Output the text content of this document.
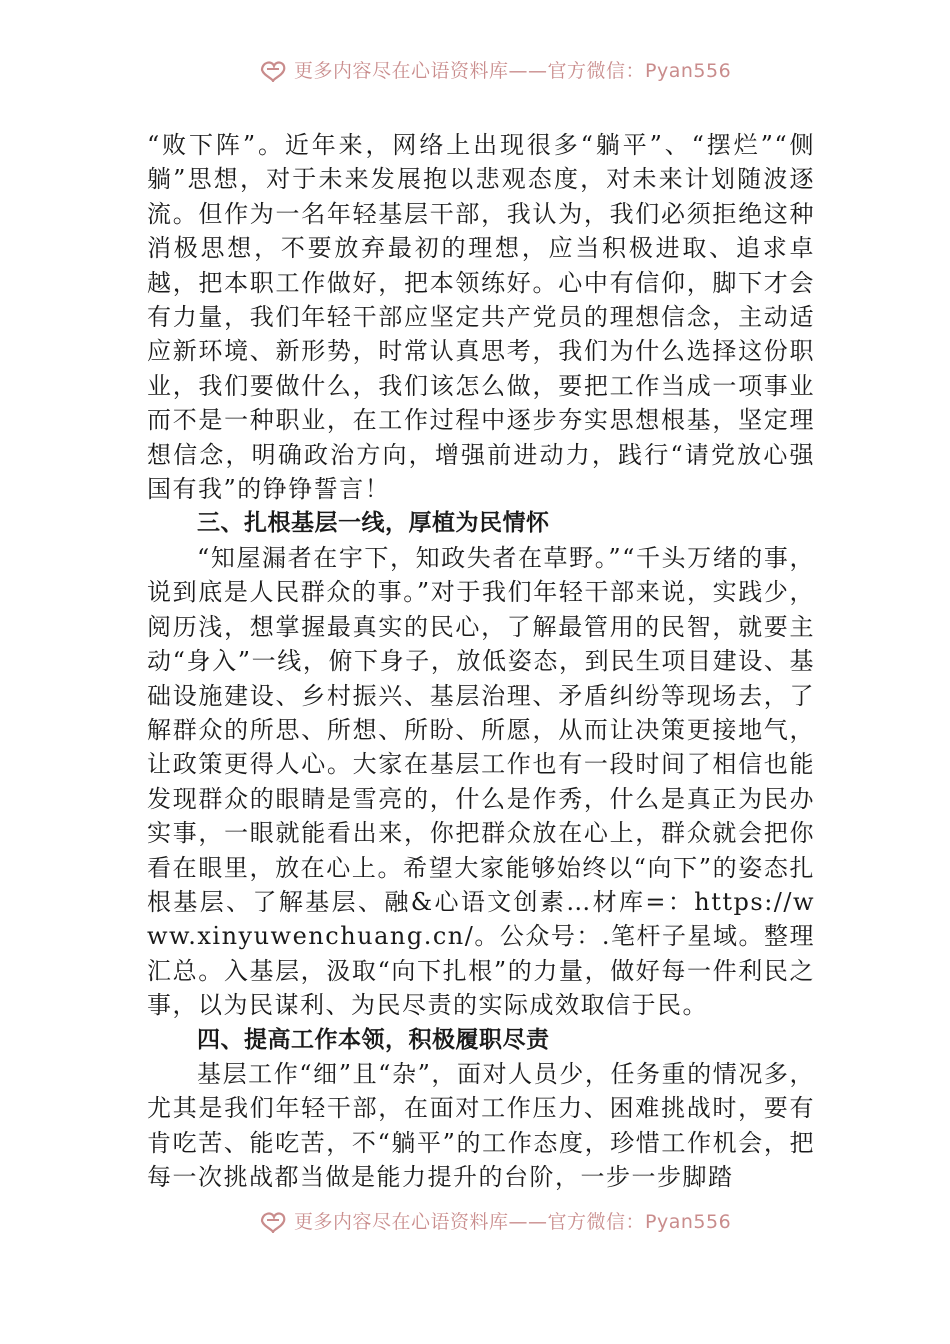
更多内容尽在心语资料库——官方微信：Pyan556

“败下阵”。近年来，网络上出现很多“躺平”、“摆烂”“侧躺”思想，对于未来发展抱以悲观态度，对未来计划随波逐流。但作为一名年轻基层干部，我认为，我们必须拒绝这种消极思想，不要放弃最初的理想，应当积极进取、追求卓越，把本职工作做好，把本领练好。心中有信仰，脚下才会有力量，我们年轻干部应坚定共产党员的理想信念，主动适应新环境、新形势，时常认真思考，我们为什么选择这份职业，我们要做什么，我们该怎么做，要把工作当成一项事业而不是一种职业，在工作过程中逐步夯实思想根基，坚定理想信念，明确政治方向，增强前进动力，践行“请党放心强国有我”的铮铮誓言！

三、扎根基层一线，厚植为民情怀

“知屋漏者在宇下，知政失者在草野。”“千头万绪的事，说到底是人民群众的事。”对于我们年轻干部来说，实践少，阅历浅，想掌握最真实的民心，了解最管用的民智，就要主动“身入”一线，俯下身子，放低姿态，到民生项目建设、基础设施建设、乡村振兴、基层治理、矛盾纠纷等现场去，了解群众的所思、所想、所盼、所愿，从而让决策更接地气，让政策更得人心。大家在基层工作也有一段时间了相信也能发现群众的眼睛是雪亮的，什么是作秀，什么是真正为民办实事，一眼就能看出来，你把群众放在心上，群众就会把你看在眼里，放在心上。希望大家能够始终以“向下”的姿态扎根基层、了解基层、融&心语文创素…材库=：https://www.xinyuwenchuang.cn/。公众号：.笔杆子星域。整理汇总。入基层，汲取“向下扎根”的力量，做好每一件利民之事，以为民谋利、为民尽责的实际成效取信于民。

四、提高工作本领，积极履职尽责

基层工作“细”且“杂”，面对人员少，任务重的情况多，尤其是我们年轻干部，在面对工作压力、困难挑战时，要有肯吃苦、能吃苦，不“躺平”的工作态度，珍惜工作机会，把每一次挑战都当做是能力提升的台阶，一步一步脚踏

更多内容尽在心语资料库——官方微信：Pyan556
